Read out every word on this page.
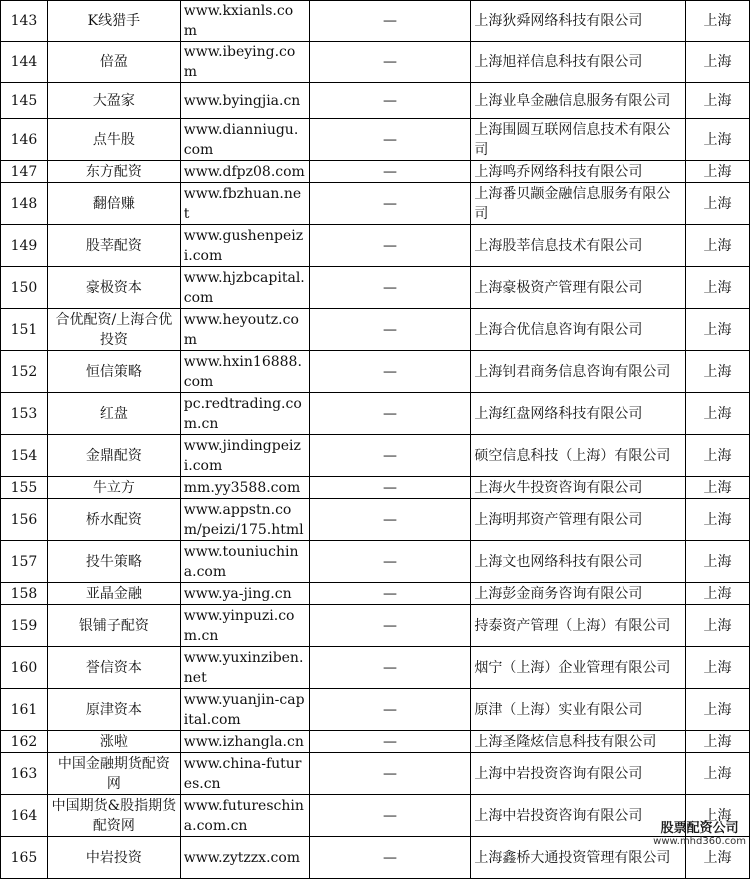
143	K线猎手	www.kxianls.com	—	上海狄舜网络科技有限公司	上海
144	倍盈	www.ibeying.com	—	上海旭祥信息科技有限公司	上海
145	大盈家	www.byingjia.cn	—	上海业阜金融信息服务有限公司	上海
146	点牛股	www.dianniugu.com	—	上海围圆互联网信息技术有限公司	上海
147	东方配资	www.dfpz08.com	—	上海鸣乔网络科技有限公司	上海
148	翻倍赚	www.fbzhuan.net	—	上海番贝颛金融信息服务有限公司	上海
149	股莘配资	www.gushenpeizi.com	—	上海股莘信息技术有限公司	上海
150	豪极资本	www.hjzbcapital.com	—	上海豪极资产管理有限公司	上海
151	合优配资/上海合优投资	www.heyoutz.com	—	上海合优信息咨询有限公司	上海
152	恒信策略	www.hxin16888.com	—	上海钊君商务信息咨询有限公司	上海
153	红盘	pc.redtrading.com.cn	—	上海红盘网络科技有限公司	上海
154	金鼎配资	www.jindingpeizi.com	—	硕空信息科技（上海）有限公司	上海
155	牛立方	mm.yy3588.com	—	上海火牛投资咨询有限公司	上海
156	桥水配资	www.appstn.com/peizi/175.html	—	上海明邦资产管理有限公司	上海
157	投牛策略	www.touniuchina.com	—	上海文也网络科技有限公司	上海
158	亚晶金融	www.ya-jing.cn	—	上海彭金商务咨询有限公司	上海
159	银铺子配资	www.yinpuzi.com.cn	—	持泰资产管理（上海）有限公司	上海
160	誉信资本	www.yuxinziben.net	—	烟宁（上海）企业管理有限公司	上海
161	原津资本	www.yuanjin-capital.com	—	原津（上海）实业有限公司	上海
162	涨啦	www.izhangla.cn	—	上海圣隆炫信息科技有限公司	上海
163	中国金融期货配资网	www.china-futures.cn	—	上海中岩投资咨询有限公司	上海
164	中国期货&股指期货配资网	www.futureschina.com.cn	—	上海中岩投资咨询有限公司	上海
165	中岩投资	www.zytzzx.com	—	上海鑫桥大通投资管理有限公司	上海
股票配资公司
www.mhd360.com
